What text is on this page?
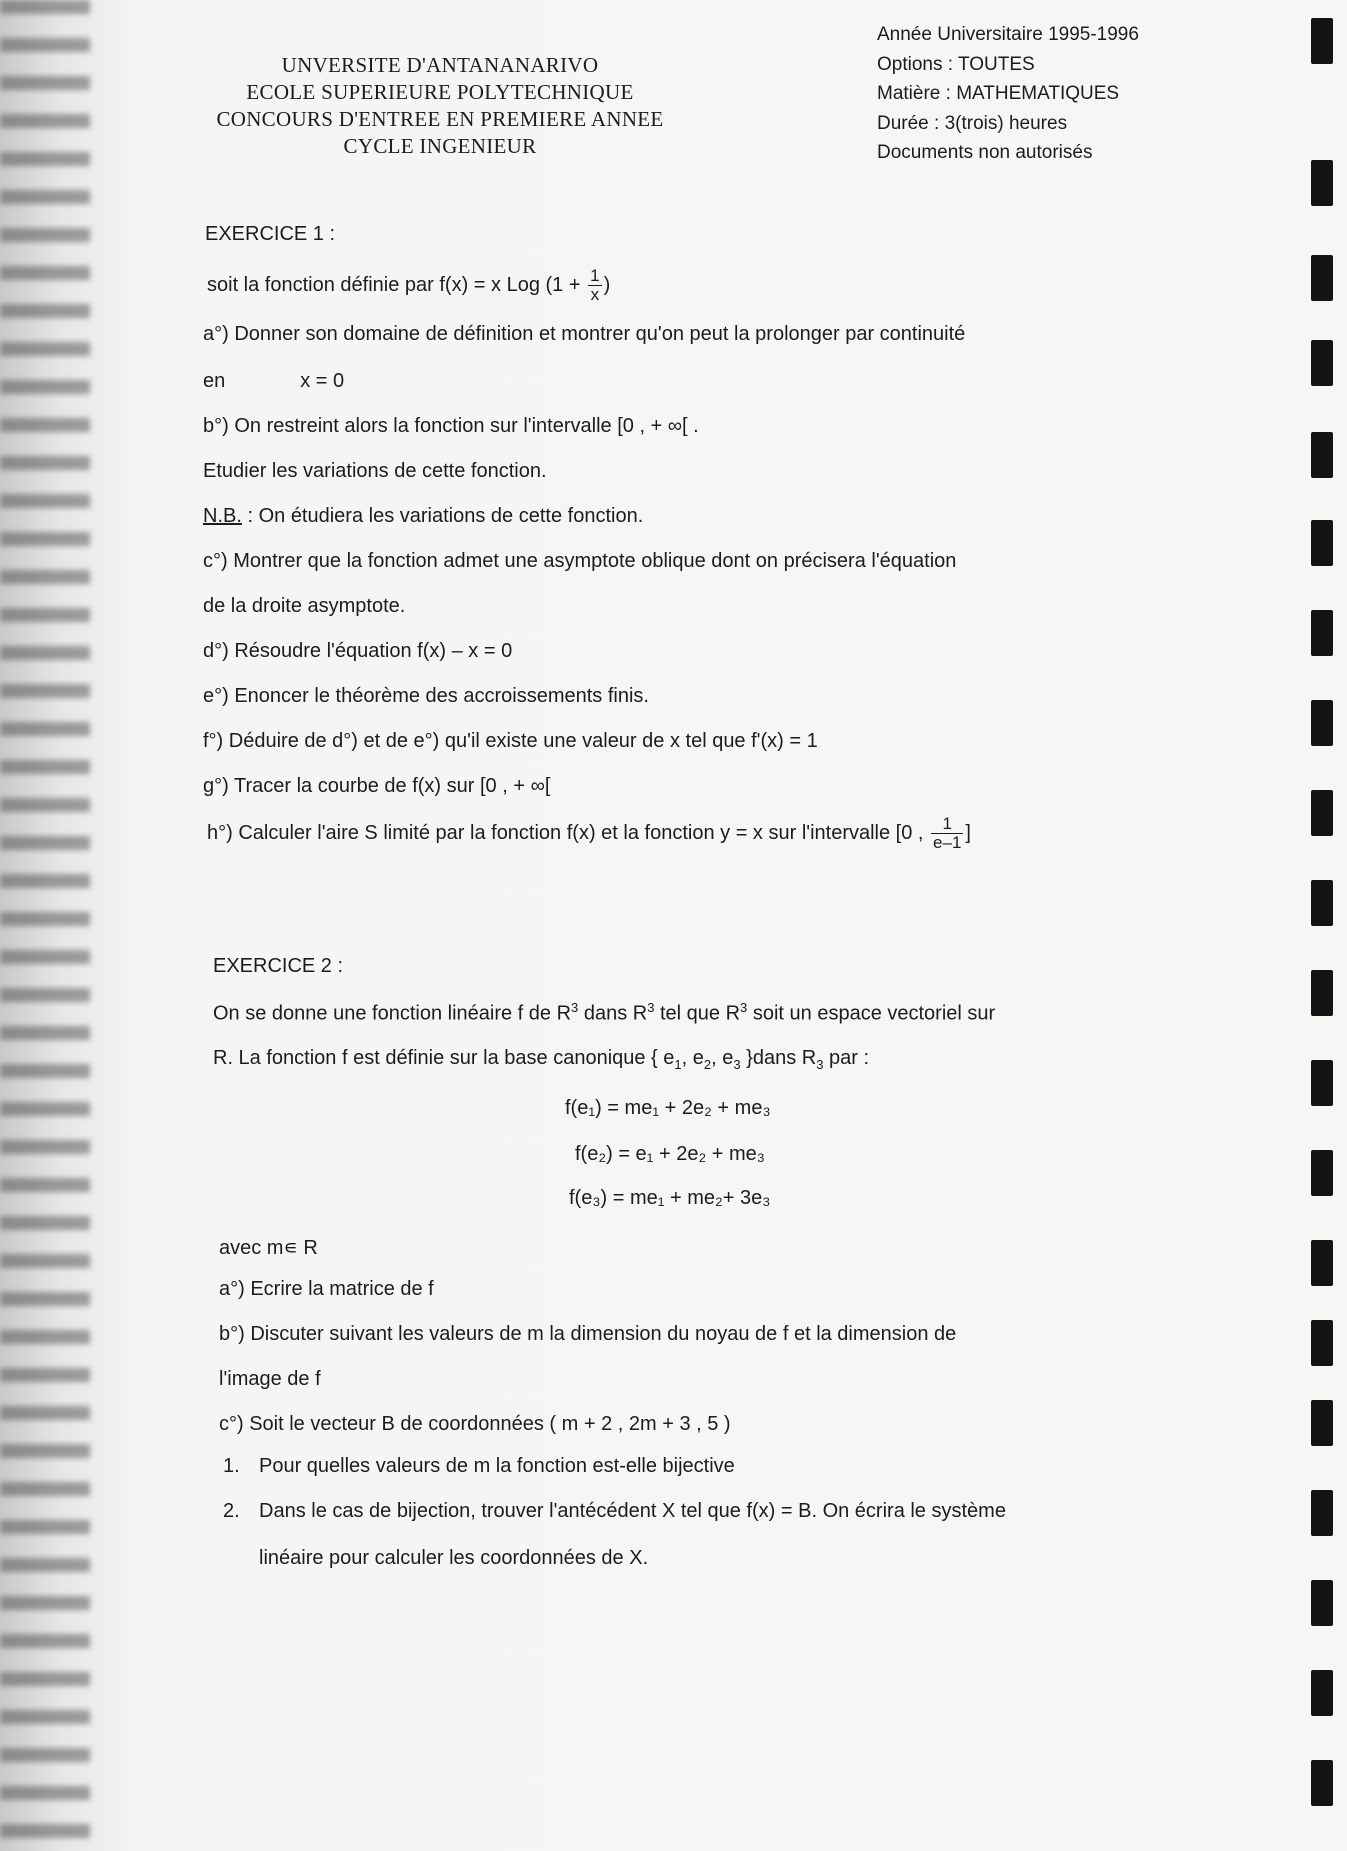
UNVERSITE D'ANTANANARIVO
ECOLE SUPERIEURE POLYTECHNIQUE
CONCOURS D'ENTREE EN PREMIERE ANNEE
CYCLE INGENIEUR
Année Universitaire 1995-1996
Options : TOUTES
Matière : MATHEMATIQUES
Durée : 3(trois) heures
Documents non autorisés
EXERCICE 1 :
soit la fonction définie par f(x) = x Log ($1 + \frac{1}{x}$ )
a°) Donner son domaine de définition et montrer qu'on peut la prolonger par continuité
en	x = 0
b°) On restreint alors la fonction sur l'intervalle [0 , + ∞[ .
Etudier les variations de cette fonction.
N.B. : On étudiera les variations de cette fonction.
c°) Montrer que la fonction admet une asymptote oblique dont on précisera l'équation
de la droite asymptote.
d°) Résoudre l'équation f(x) – x = 0
e°) Enoncer le théorème des accroissements finis.
f°) Déduire de d°) et de e°) qu'il existe une valeur de x tel que f'(x) = 1
g°) Tracer la courbe de f(x) sur [0 , + ∞[
h°) Calculer l'aire S limité par la fonction f(x) et la fonction y = x sur l'intervalle [0 , $\frac{1}{e-1}$ ]
EXERCICE 2 :
On se donne une fonction linéaire f de $R^3$ dans $R^3$ tel que $R^3$ soit un espace vectoriel sur
R. La fonction f est définie sur la base canonique { $e_1$, $e_2$, $e_3$ }dans $R_3$ par :
f(e₁) = me₁ + 2e₂ + me₃
f(e₂) = e₁ + 2e₂ + me₃
f(e₃) = me₁ + me₂+ 3e₃
avec m∊ R
a°) Ecrire la matrice de f
b°) Discuter suivant les valeurs de m la dimension du noyau de f et la dimension de
l'image de f
c°) Soit le vecteur B de coordonnées ( m + 2 , 2m + 3 , 5 )
1. Pour quelles valeurs de m la fonction est-elle bijective
2. Dans le cas de bijection, trouver l'antécédent X tel que f(x) = B. On écrira le système
linéaire pour calculer les coordonnées de X.
